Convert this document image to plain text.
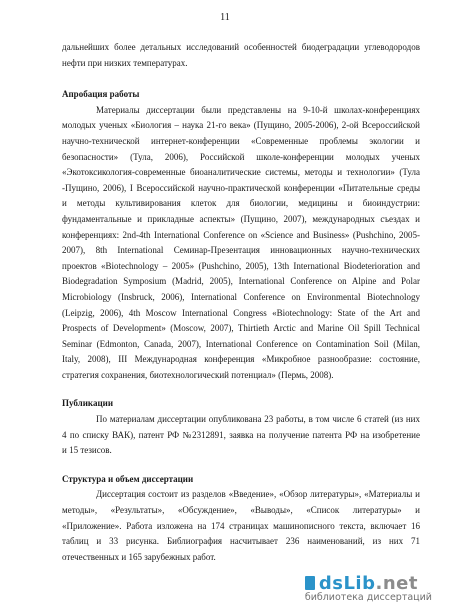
11
дальнейших более детальных исследований особенностей биодеградации углеводородов
нефти при низких температурах.
Апробация работы
Материалы диссертации были представлены на 9-10-й школах-конференциях
молодых ученых «Биология – наука 21-го века» (Пущино, 2005-2006), 2-ой Всероссийской
научно-технической интернет-конференции «Современные проблемы экологии и
безопасности» (Тула, 2006), Российской школе-конференции молодых ученых
«Экотоксикология-современные биоаналитические системы, методы и технологии» (Тула
-Пущино, 2006), I Всероссийской научно-практической конференции «Питательные среды
и методы культивирования клеток для биологии, медицины и биоиндустрии:
фундаментальные и прикладные аспекты» (Пущино, 2007), международных съездах и
конференциях: 2nd-4th International Conference on «Science and Business» (Pushchino, 2005-
2007), 8th International Семинар-Презентация инновационных научно-технических
проектов «Biotechnology – 2005» (Pushchino, 2005), 13th International Biodeterioration and
Biodegradation Symposium (Madrid, 2005), International Conference on Alpine and Polar
Microbiology (Insbruck, 2006), International Conference on Environmental Biotechnology
(Leipzig, 2006), 4th Moscow International Congress «Biotechnology: State of the Art and
Prospects of Development» (Moscow, 2007), Thirtieth Arctic and Marine Oil Spill Technical
Seminar (Edmonton, Canada, 2007), International Conference on Contamination Soil (Milan,
Italy, 2008), III Международная конференция «Микробное разнообразие: состояние,
стратегия сохранения, биотехнологический потенциал» (Пермь, 2008).
Публикации
По материалам диссертации опубликована 23 работы, в том числе 6 статей (из них
4 по списку ВАК), патент РФ №2312891, заявка на получение патента РФ на изобретение
и 15 тезисов.
Структура и объем диссертации
Диссертация состоит из разделов «Введение», «Обзор литературы», «Материалы и
методы», «Результаты», «Обсуждение», «Выводы», «Список литературы» и
«Приложение». Работа изложена на 174 страницах машинописного текста, включает 16
таблиц и 33 рисунка. Библиография насчитывает 236 наименований, из них 71
отечественных и 165 зарубежных работ.
dsLib.net
библиотека диссертаций
